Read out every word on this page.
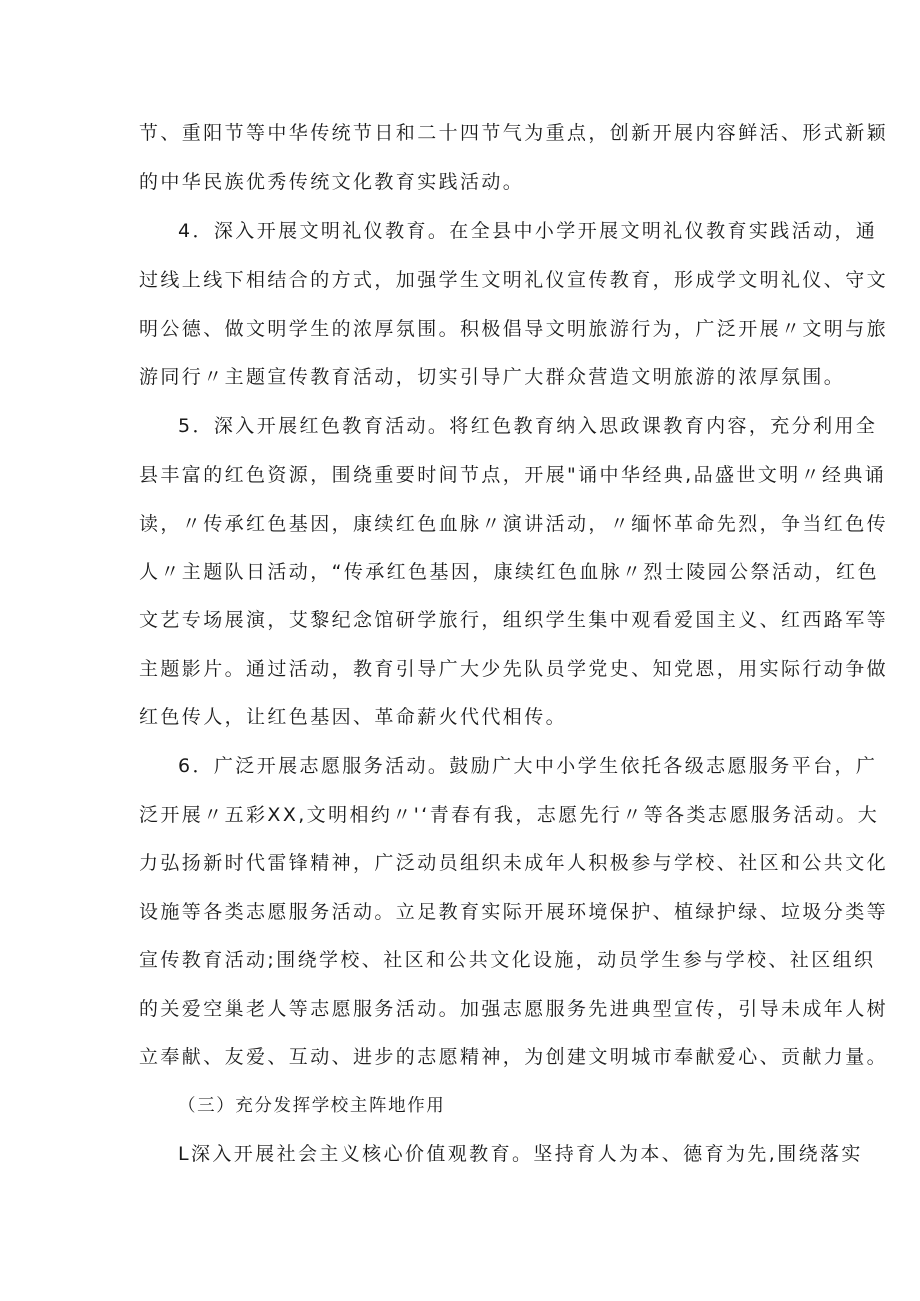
节、重阳节等中华传统节日和二十四节气为重点，创新开展内容鲜活、形式新颖
的中华民族优秀传统文化教育实践活动。
4．深入开展文明礼仪教育。在全县中小学开展文明礼仪教育实践活动，通
过线上线下相结合的方式，加强学生文明礼仪宣传教育，形成学文明礼仪、守文
明公德、做文明学生的浓厚氛围。积极倡导文明旅游行为，广泛开展〃文明与旅
游同行〃主题宣传教育活动，切实引导广大群众营造文明旅游的浓厚氛围。
5．深入开展红色教育活动。将红色教育纳入思政课教育内容，充分利用全
县丰富的红色资源，围绕重要时间节点，开展"诵中华经典,品盛世文明〃经典诵
读，〃传承红色基因，康续红色血脉〃演讲活动，〃缅怀革命先烈，争当红色传
人〃主题队日活动，“传承红色基因，康续红色血脉〃烈士陵园公祭活动，红色
文艺专场展演，艾黎纪念馆研学旅行，组织学生集中观看爱国主义、红西路军等
主题影片。通过活动，教育引导广大少先队员学党史、知党恩，用实际行动争做
红色传人，让红色基因、革命薪火代代相传。
6．广泛开展志愿服务活动。鼓励广大中小学生依托各级志愿服务平台，广
泛开展〃五彩XX,文明相约〃'‘青春有我，志愿先行〃等各类志愿服务活动。大
力弘扬新时代雷锋精神，广泛动员组织未成年人积极参与学校、社区和公共文化
设施等各类志愿服务活动。立足教育实际开展环境保护、植绿护绿、垃圾分类等
宣传教育活动;围绕学校、社区和公共文化设施，动员学生参与学校、社区组织
的关爱空巢老人等志愿服务活动。加强志愿服务先进典型宣传，引导未成年人树
立奉献、友爱、互动、进步的志愿精神，为创建文明城市奉献爱心、贡献力量。
（三）充分发挥学校主阵地作用
L深入开展社会主义核心价值观教育。坚持育人为本、德育为先,围绕落实
